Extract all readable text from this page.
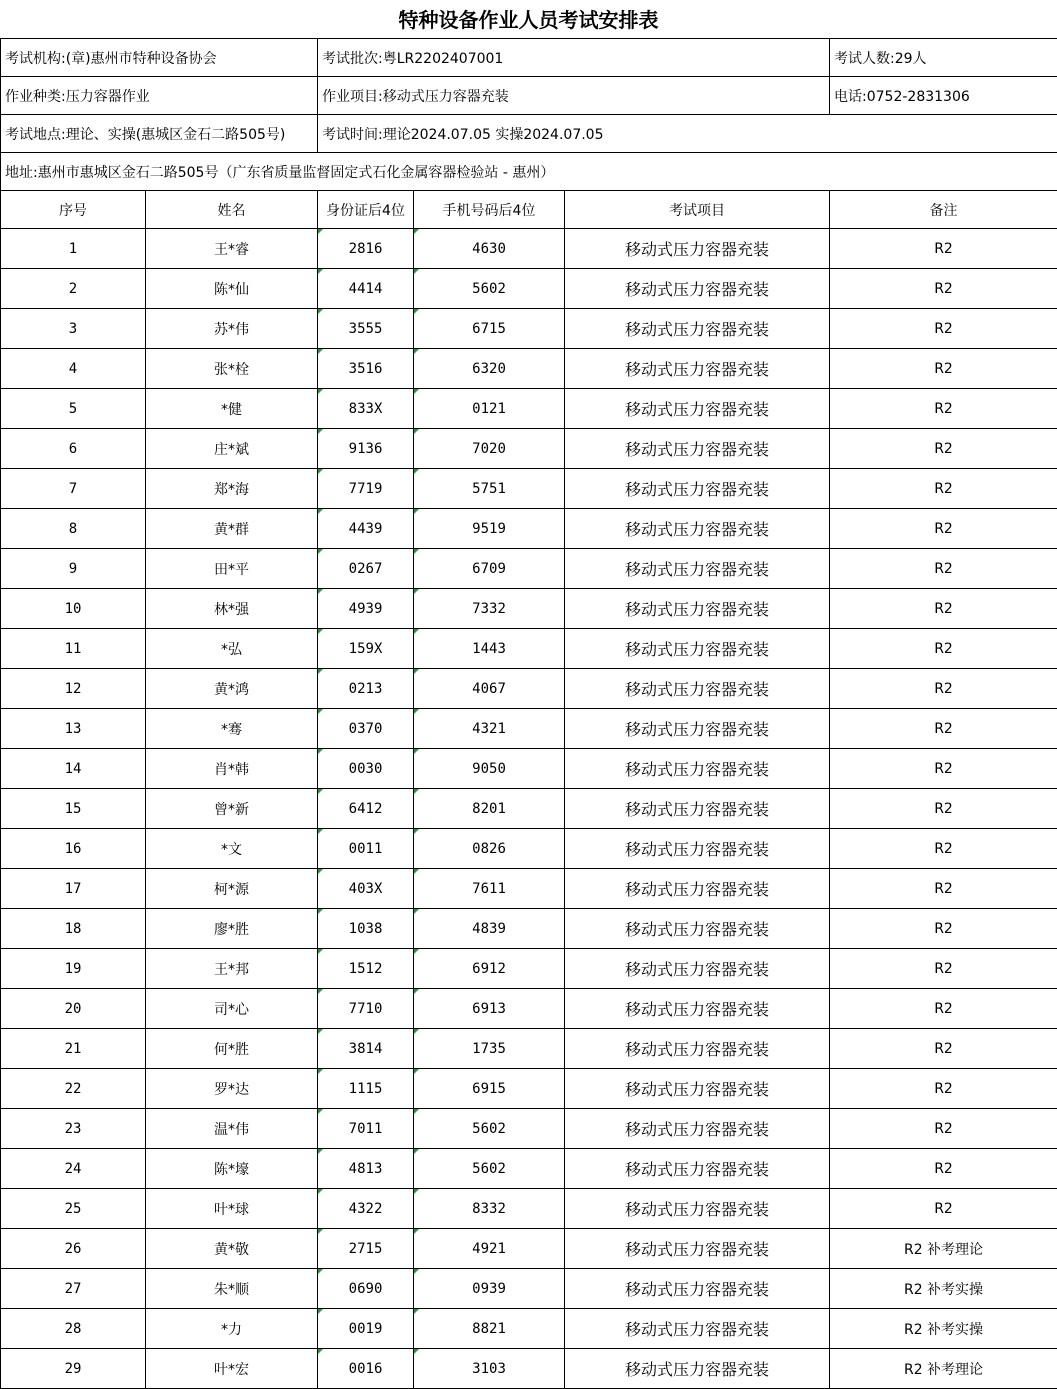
特种设备作业人员考试安排表
考试机构:(章)惠州市特种设备协会		考试批次:粤LR2202407001			考试人数:29人
作业种类:压力容器作业		作业项目:移动式压力容器充装			电话:0752-2831306
考试地点:理论、实操(惠城区金石二路505号)		考试时间:理论2024.07.05 实操2024.07.05			
地址:惠州市惠城区金石二路505号（广东省质量监督固定式石化金属容器检验站 - 惠州）					
序号	姓名	身份证后4位	手机号码后4位	考试项目	备注
1	王*睿	2816	4630	移动式压力容器充装	R2
2	陈*仙	4414	5602	移动式压力容器充装	R2
3	苏*伟	3555	6715	移动式压力容器充装	R2
4	张*栓	3516	6320	移动式压力容器充装	R2
5	*健	833X	0121	移动式压力容器充装	R2
6	庄*斌	9136	7020	移动式压力容器充装	R2
7	郑*海	7719	5751	移动式压力容器充装	R2
8	黄*群	4439	9519	移动式压力容器充装	R2
9	田*平	0267	6709	移动式压力容器充装	R2
10	林*强	4939	7332	移动式压力容器充装	R2
11	*弘	159X	1443	移动式压力容器充装	R2
12	黄*鸿	0213	4067	移动式压力容器充装	R2
13	*骞	0370	4321	移动式压力容器充装	R2
14	肖*韩	0030	9050	移动式压力容器充装	R2
15	曾*新	6412	8201	移动式压力容器充装	R2
16	*文	0011	0826	移动式压力容器充装	R2
17	柯*源	403X	7611	移动式压力容器充装	R2
18	廖*胜	1038	4839	移动式压力容器充装	R2
19	王*邦	1512	6912	移动式压力容器充装	R2
20	司*心	7710	6913	移动式压力容器充装	R2
21	何*胜	3814	1735	移动式压力容器充装	R2
22	罗*达	1115	6915	移动式压力容器充装	R2
23	温*伟	7011	5602	移动式压力容器充装	R2
24	陈*壕	4813	5602	移动式压力容器充装	R2
25	叶*球	4322	8332	移动式压力容器充装	R2
26	黄*敬	2715	4921	移动式压力容器充装	R2 补考理论
27	朱*顺	0690	0939	移动式压力容器充装	R2 补考实操
28	*力	0019	8821	移动式压力容器充装	R2 补考实操
29	叶*宏	0016	3103	移动式压力容器充装	R2 补考理论
